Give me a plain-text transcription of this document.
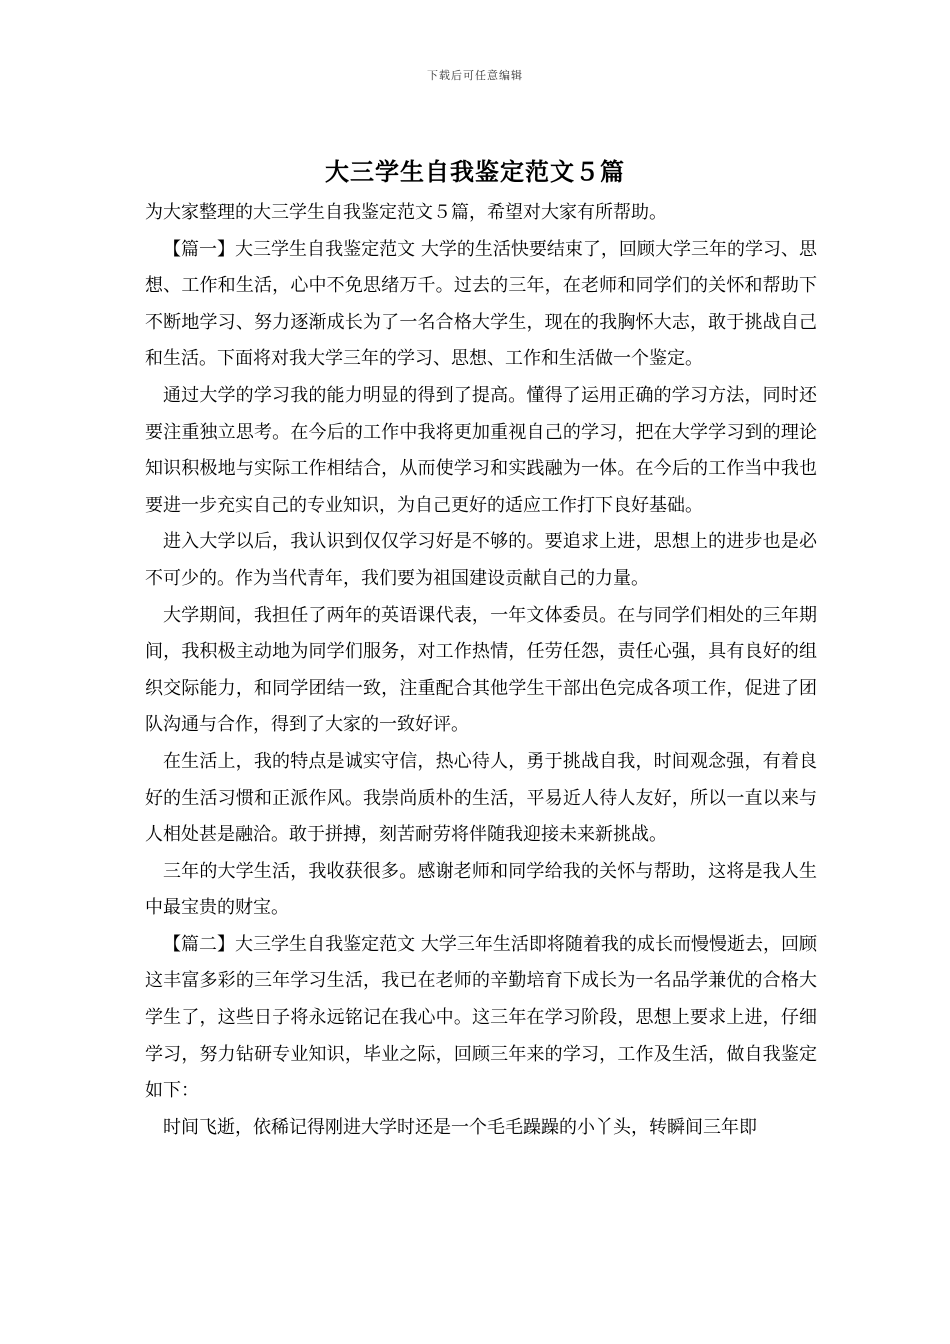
下载后可任意编辑
大三学生自我鉴定范文５篇

为大家整理的大三学生自我鉴定范文５篇，希望对大家有所帮助。

【篇一】大三学生自我鉴定范文 大学的生活快要结束了，回顾大学三年的学习、思想、工作和生活，心中不免思绪万千。过去的三年，在老师和同学们的关怀和帮助下不断地学习、努力逐渐成长为了一名合格大学生，现在的我胸怀大志，敢于挑战自己和生活。下面将对我大学三年的学习、思想、工作和生活做一个鉴定。

通过大学的学习我的能力明显的得到了提高。懂得了运用正确的学习方法，同时还要注重独立思考。在今后的工作中我将更加重视自己的学习，把在大学学习到的理论知识积极地与实际工作相结合，从而使学习和实践融为一体。在今后的工作当中我也要进一步充实自己的专业知识，为自己更好的适应工作打下良好基础。

进入大学以后，我认识到仅仅学习好是不够的。要追求上进，思想上的进步也是必不可少的。作为当代青年，我们要为祖国建设贡献自己的力量。

大学期间，我担任了两年的英语课代表，一年文体委员。在与同学们相处的三年期间，我积极主动地为同学们服务，对工作热情，任劳任怨，责任心强，具有良好的组织交际能力，和同学团结一致，注重配合其他学生干部出色完成各项工作，促进了团队沟通与合作，得到了大家的一致好评。

在生活上，我的特点是诚实守信，热心待人，勇于挑战自我，时间观念强，有着良好的生活习惯和正派作风。我崇尚质朴的生活，平易近人待人友好，所以一直以来与人相处甚是融洽。敢于拼搏，刻苦耐劳将伴随我迎接未来新挑战。

三年的大学生活，我收获很多。感谢老师和同学给我的关怀与帮助，这将是我人生中最宝贵的财宝。

【篇二】大三学生自我鉴定范文 大学三年生活即将随着我的成长而慢慢逝去，回顾这丰富多彩的三年学习生活，我已在老师的辛勤培育下成长为一名品学兼优的合格大学生了，这些日子将永远铭记在我心中。这三年在学习阶段，思想上要求上进，仔细学习，努力钻研专业知识，毕业之际，回顾三年来的学习，工作及生活，做自我鉴定如下：

时间飞逝，依稀记得刚进大学时还是一个毛毛躁躁的小丫头，转瞬间三年即
